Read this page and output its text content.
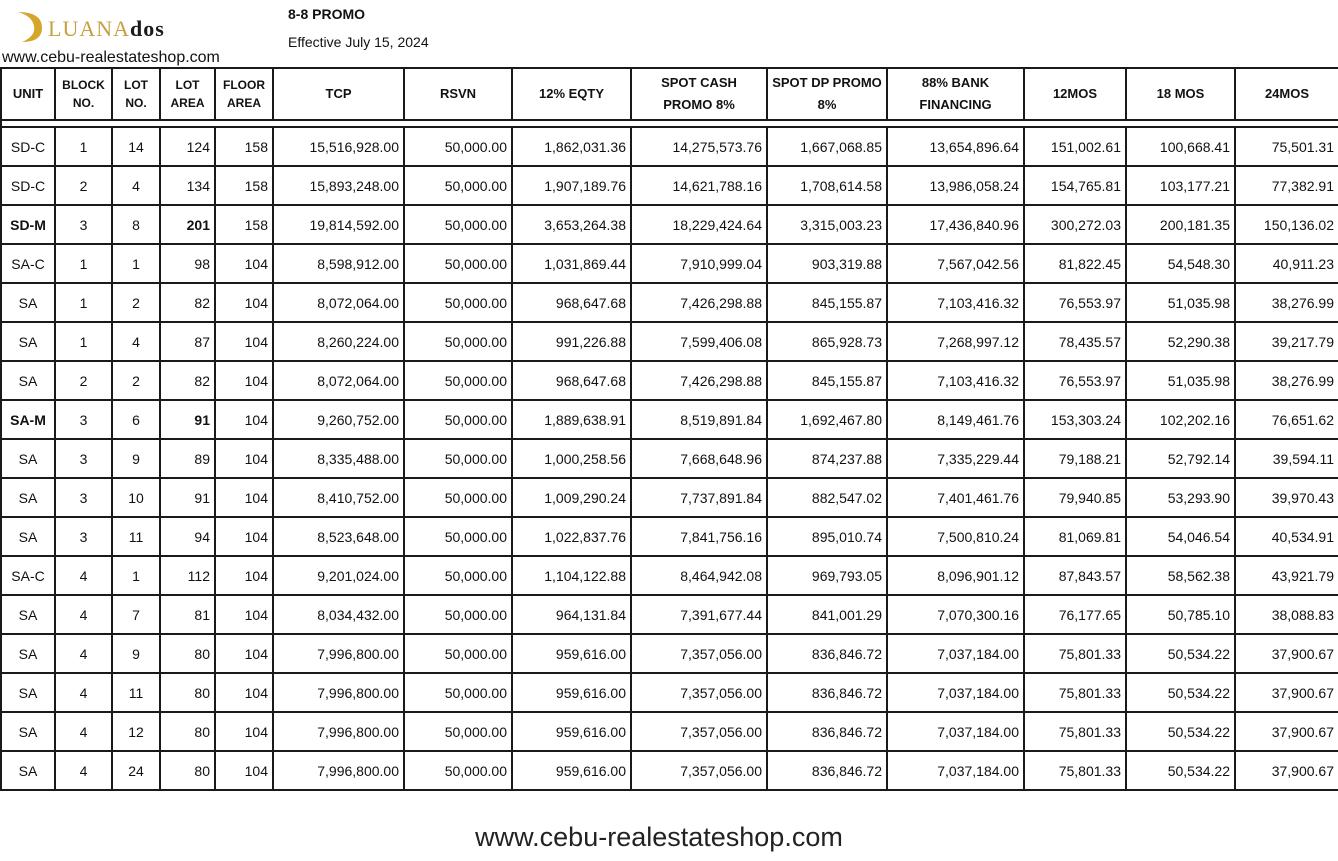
LUANAdos
www.cebu-realestateshop.com
8-8 PROMO
Effective July 15, 2024
UNIT	BLOCK NO.	LOT NO.	LOT AREA	FLOOR AREA	TCP	RSVN	12% EQTY	SPOT CASH PROMO 8%	SPOT DP PROMO 8%	88% BANK FINANCING	12MOS	18 MOS	24MOS

SD-C	1	14	124	158	15,516,928.00	50,000.00	1,862,031.36	14,275,573.76	1,667,068.85	13,654,896.64	151,002.61	100,668.41	75,501.31
SD-C	2	4	134	158	15,893,248.00	50,000.00	1,907,189.76	14,621,788.16	1,708,614.58	13,986,058.24	154,765.81	103,177.21	77,382.91
SD-M	3	8	201	158	19,814,592.00	50,000.00	3,653,264.38	18,229,424.64	3,315,003.23	17,436,840.96	300,272.03	200,181.35	150,136.02
SA-C	1	1	98	104	8,598,912.00	50,000.00	1,031,869.44	7,910,999.04	903,319.88	7,567,042.56	81,822.45	54,548.30	40,911.23
SA	1	2	82	104	8,072,064.00	50,000.00	968,647.68	7,426,298.88	845,155.87	7,103,416.32	76,553.97	51,035.98	38,276.99
SA	1	4	87	104	8,260,224.00	50,000.00	991,226.88	7,599,406.08	865,928.73	7,268,997.12	78,435.57	52,290.38	39,217.79
SA	2	2	82	104	8,072,064.00	50,000.00	968,647.68	7,426,298.88	845,155.87	7,103,416.32	76,553.97	51,035.98	38,276.99
SA-M	3	6	91	104	9,260,752.00	50,000.00	1,889,638.91	8,519,891.84	1,692,467.80	8,149,461.76	153,303.24	102,202.16	76,651.62
SA	3	9	89	104	8,335,488.00	50,000.00	1,000,258.56	7,668,648.96	874,237.88	7,335,229.44	79,188.21	52,792.14	39,594.11
SA	3	10	91	104	8,410,752.00	50,000.00	1,009,290.24	7,737,891.84	882,547.02	7,401,461.76	79,940.85	53,293.90	39,970.43
SA	3	11	94	104	8,523,648.00	50,000.00	1,022,837.76	7,841,756.16	895,010.74	7,500,810.24	81,069.81	54,046.54	40,534.91
SA-C	4	1	112	104	9,201,024.00	50,000.00	1,104,122.88	8,464,942.08	969,793.05	8,096,901.12	87,843.57	58,562.38	43,921.79
SA	4	7	81	104	8,034,432.00	50,000.00	964,131.84	7,391,677.44	841,001.29	7,070,300.16	76,177.65	50,785.10	38,088.83
SA	4	9	80	104	7,996,800.00	50,000.00	959,616.00	7,357,056.00	836,846.72	7,037,184.00	75,801.33	50,534.22	37,900.67
SA	4	11	80	104	7,996,800.00	50,000.00	959,616.00	7,357,056.00	836,846.72	7,037,184.00	75,801.33	50,534.22	37,900.67
SA	4	12	80	104	7,996,800.00	50,000.00	959,616.00	7,357,056.00	836,846.72	7,037,184.00	75,801.33	50,534.22	37,900.67
SA	4	24	80	104	7,996,800.00	50,000.00	959,616.00	7,357,056.00	836,846.72	7,037,184.00	75,801.33	50,534.22	37,900.67
www.cebu-realestateshop.com
